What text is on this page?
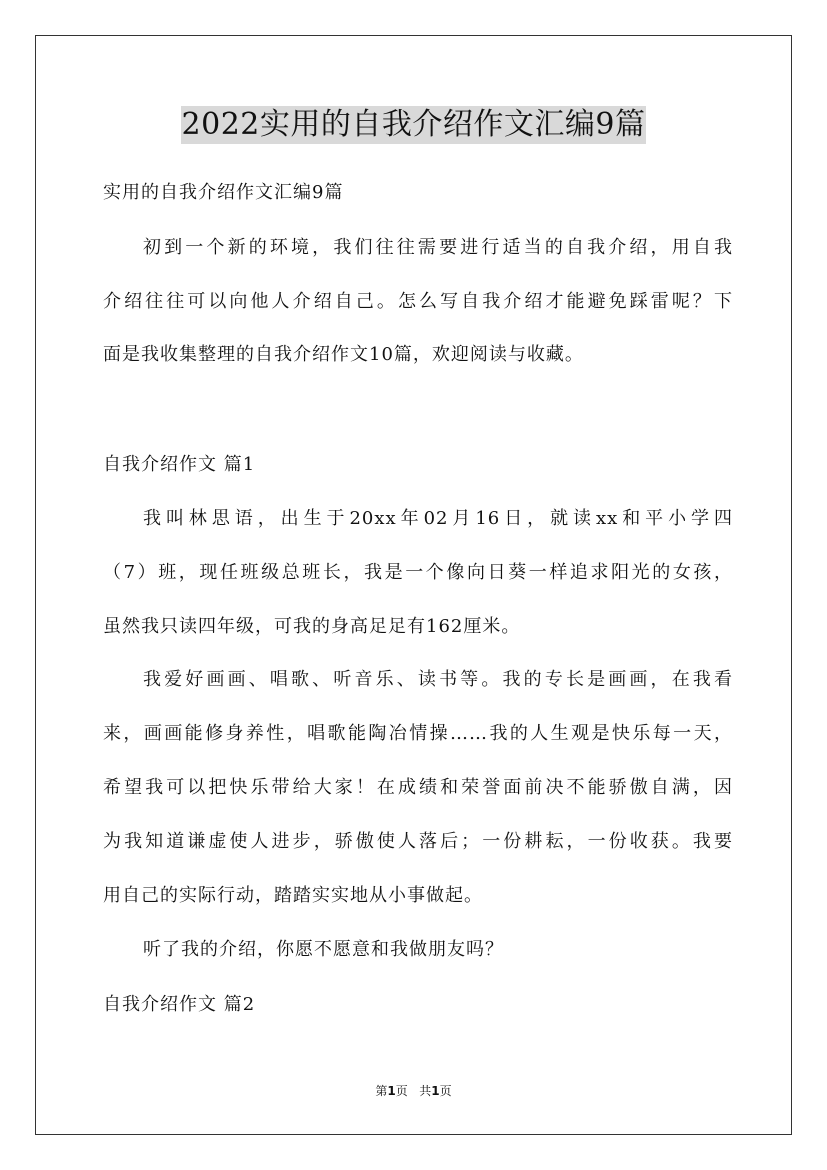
2022实用的自我介绍作文汇编9篇
实用的自我介绍作文汇编9篇
初到一个新的环境，我们往往需要进行适当的自我介绍，用自我
介绍往往可以向他人介绍自己。怎么写自我介绍才能避免踩雷呢？下
面是我收集整理的自我介绍作文10篇，欢迎阅读与收藏。
自我介绍作文 篇1
我叫林思语，出生于20xx年02月16日，就读xx和平小学四
（7）班，现任班级总班长，我是一个像向日葵一样追求阳光的女孩，
虽然我只读四年级，可我的身高足足有162厘米。
我爱好画画、唱歌、听音乐、读书等。我的专长是画画，在我看
来，画画能修身养性，唱歌能陶冶情操……我的人生观是快乐每一天，
希望我可以把快乐带给大家！在成绩和荣誉面前决不能骄傲自满，因
为我知道谦虚使人进步，骄傲使人落后；一份耕耘，一份收获。我要
用自己的实际行动，踏踏实实地从小事做起。
听了我的介绍，你愿不愿意和我做朋友吗？
自我介绍作文 篇2
第1页   共1页
